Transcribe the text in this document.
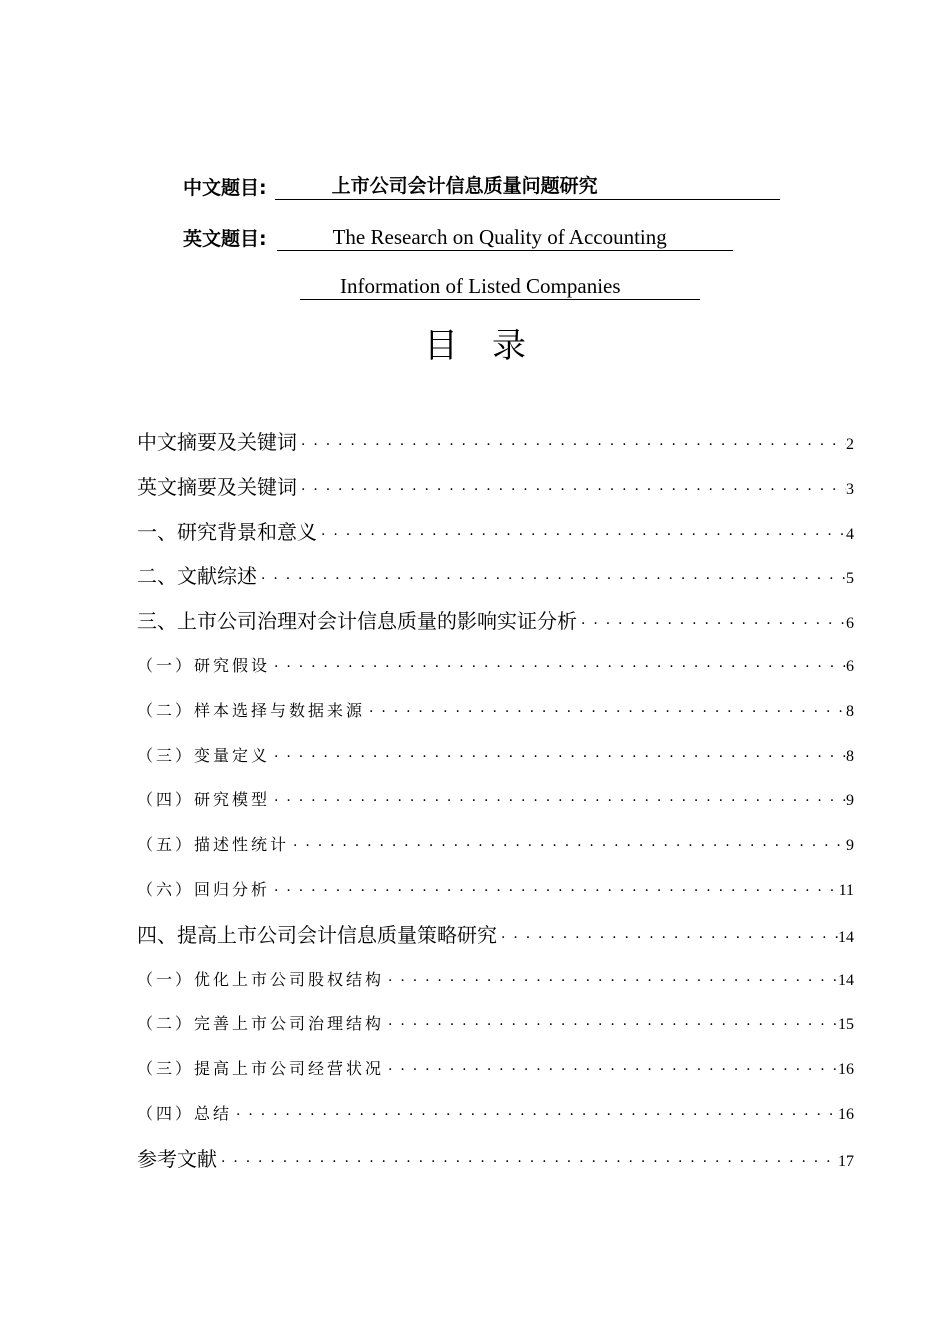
中文题目:	上市公司会计信息质量问题研究
英文题目:	The Research on Quality of Accounting
Information of Listed Companies
目录
中文摘要及关键词 ·····	2
英文摘要及关键词 ·····	3
一、研究背景和意义 ·····	4
二、文献综述 ·····	5
三、上市公司治理对会计信息质量的影响实证分析 ·····	6
（一）研究假设 ·····	6
（二）样本选择与数据来源 ·····	8
（三）变量定义 ·····	8
（四）研究模型 ·····	9
（五）描述性统计 ·····	9
（六）回归分析 ·····	11
四、提高上市公司会计信息质量策略研究 ·····	14
（一）优化上市公司股权结构 ·····	14
（二）完善上市公司治理结构 ·····	15
（三）提高上市公司经营状况 ·····	16
（四）总结 ·····	16
参考文献 ·····	17
